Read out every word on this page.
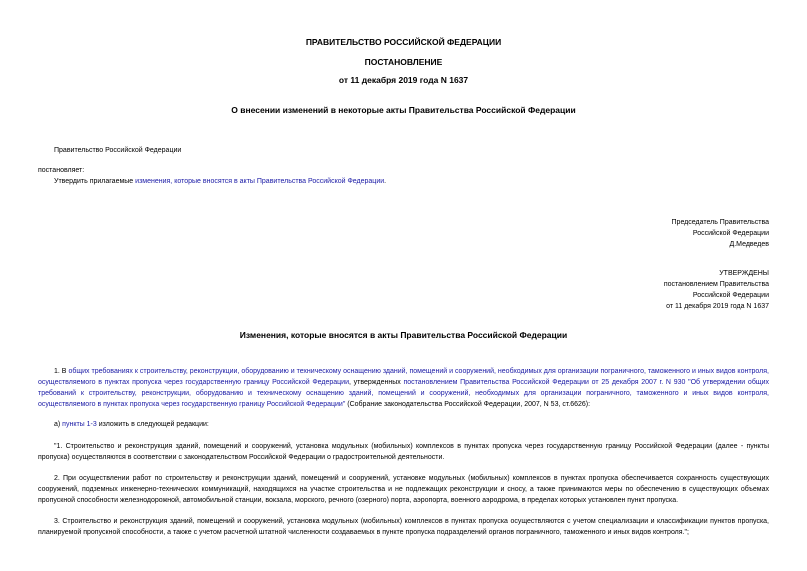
ПРАВИТЕЛЬСТВО РОССИЙСКОЙ ФЕДЕРАЦИИ
ПОСТАНОВЛЕНИЕ
от 11 декабря 2019 года N 1637
О внесении изменений в некоторые акты Правительства Российской Федерации
Правительство Российской Федерации
постановляет:
Утвердить прилагаемые изменения, которые вносятся в акты Правительства Российской Федерации.
Председатель Правительства
Российской Федерации
Д.Медведев
УТВЕРЖДЕНЫ
постановлением Правительства
Российской Федерации
от 11 декабря 2019 года N 1637
Изменения, которые вносятся в акты Правительства Российской Федерации
1. В общих требованиях к строительству, реконструкции, оборудованию и техническому оснащению зданий, помещений и сооружений, необходимых для организации пограничного, таможенного и иных видов контроля, осуществляемого в пунктах пропуска через государственную границу Российской Федерации, утвержденных постановлением Правительства Российской Федерации от 25 декабря 2007 г. N 930 "Об утверждении общих требований к строительству, реконструкции, оборудованию и техническому оснащению зданий, помещений и сооружений, необходимых для организации пограничного, таможенного и иных видов контроля, осуществляемого в пунктах пропуска через государственную границу Российской Федерации" (Собрание законодательства Российской Федерации, 2007, N 53, ст.6626):
а) пункты 1-3 изложить в следующей редакции:
"1. Строительство и реконструкция зданий, помещений и сооружений, установка модульных (мобильных) комплексов в пунктах пропуска через государственную границу Российской Федерации (далее - пункты пропуска) осуществляются в соответствии с законодательством Российской Федерации о градостроительной деятельности.
2. При осуществлении работ по строительству и реконструкции зданий, помещений и сооружений, установке модульных (мобильных) комплексов в пунктах пропуска обеспечивается сохранность существующих сооружений, подземных инженерно-технических коммуникаций, находящихся на участке строительства и не подлежащих реконструкции и сносу, а также принимаются меры по обеспечению в существующих объемах пропускной способности железнодорожной, автомобильной станции, вокзала, морского, речного (озерного) порта, аэропорта, военного аэродрома, в пределах которых установлен пункт пропуска.
3. Строительство и реконструкция зданий, помещений и сооружений, установка модульных (мобильных) комплексов в пунктах пропуска осуществляются с учетом специализации и классификации пунктов пропуска, планируемой пропускной способности, а также с учетом расчетной штатной численности создаваемых в пункте пропуска подразделений органов пограничного, таможенного и иных видов контроля.";
